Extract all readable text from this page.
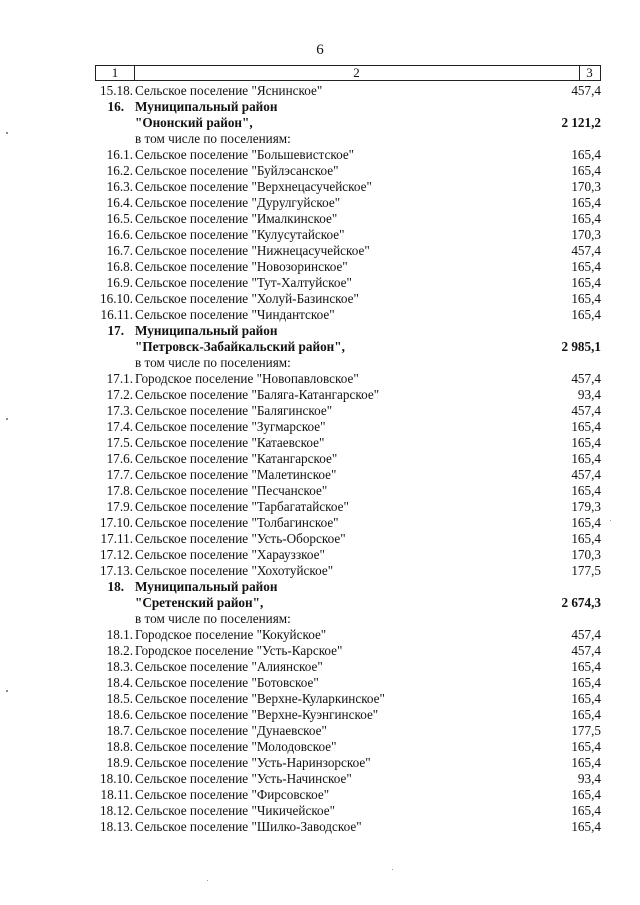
6
1	2	3
15.18. Сельское поселение "Яснинское"	457,4
16. Муниципальный район
"Ононский район",	2 121,2
в том числе по поселениям:
16.1. Сельское поселение "Большевистское"	165,4
16.2. Сельское поселение "Буйлэсанское"	165,4
16.3. Сельское поселение "Верхнецасучейское"	170,3
16.4. Сельское поселение "Дурулгуйское"	165,4
16.5. Сельское поселение "Ималкинское"	165,4
16.6. Сельское поселение "Кулусутайское"	170,3
16.7. Сельское поселение "Нижнецасучейское"	457,4
16.8. Сельское поселение "Новозоринское"	165,4
16.9. Сельское поселение "Тут-Халтуйское"	165,4
16.10. Сельское поселение "Холуй-Базинское"	165,4
16.11. Сельское поселение "Чиндантское"	165,4
17. Муниципальный район
"Петровск-Забайкальский район",	2 985,1
в том числе по поселениям:
17.1. Городское поселение "Новопавловское"	457,4
17.2. Сельское поселение "Баляга-Катангарское"	93,4
17.3. Сельское поселение "Балягинское"	457,4
17.4. Сельское поселение "Зугмарское"	165,4
17.5. Сельское поселение "Катаевское"	165,4
17.6. Сельское поселение "Катангарское"	165,4
17.7. Сельское поселение "Малетинское"	457,4
17.8. Сельское поселение "Песчанское"	165,4
17.9. Сельское поселение "Тарбагатайское"	179,3
17.10. Сельское поселение "Толбагинское"	165,4
17.11. Сельское поселение "Усть-Оборское"	165,4
17.12. Сельское поселение "Харауззкое"	170,3
17.13. Сельское поселение "Хохотуйское"	177,5
18. Муниципальный район
"Сретенский район",	2 674,3
в том числе по поселениям:
18.1. Городское поселение "Кокуйское"	457,4
18.2. Городское поселение "Усть-Карское"	457,4
18.3. Сельское поселение "Алиянское"	165,4
18.4. Сельское поселение "Ботовское"	165,4
18.5. Сельское поселение "Верхне-Куларкинское"	165,4
18.6. Сельское поселение "Верхне-Куэнгинское"	165,4
18.7. Сельское поселение "Дунаевское"	177,5
18.8. Сельское поселение "Молодовское"	165,4
18.9. Сельское поселение "Усть-Наринзорское"	165,4
18.10. Сельское поселение "Усть-Начинское"	93,4
18.11. Сельское поселение "Фирсовское"	165,4
18.12. Сельское поселение "Чикичейское"	165,4
18.13. Сельское поселение "Шилко-Заводское"	165,4
